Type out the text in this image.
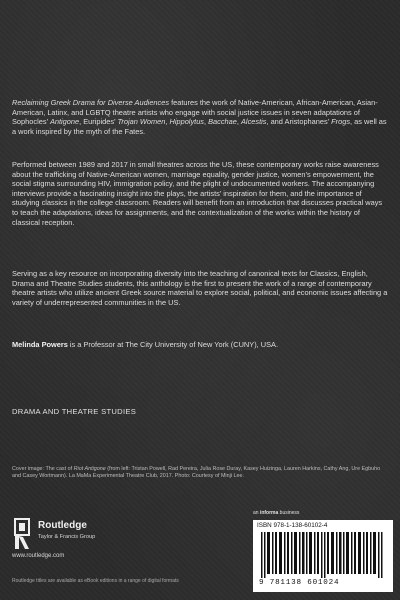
Reclaiming Greek Drama for Diverse Audiences features the work of Native-American, African-American, Asian-American, Latinx, and LGBTQ theatre artists who engage with social justice issues in seven adaptations of Sophocles’ Antigone, Euripides’ Trojan Women, Hippolytus, Bacchae, Alcestis, and Aristophanes’ Frogs, as well as a work inspired by the myth of the Fates.

Performed between 1989 and 2017 in small theatres across the US, these contemporary works raise awareness about the trafficking of Native-American women, marriage equality, gender justice, women’s empowerment, the social stigma surrounding HIV, immigration policy, and the plight of undocumented workers. The accompanying interviews provide a fascinating insight into the plays, the artists’ inspiration for them, and the importance of studying classics in the college classroom. Readers will benefit from an introduction that discusses practical ways to teach the adaptations, ideas for assignments, and the contextualization of the works within the history of classical reception.

Serving as a key resource on incorporating diversity into the teaching of canonical texts for Classics, English, Drama and Theatre Studies students, this anthology is the first to present the work of a range of contemporary theatre artists who utilize ancient Greek source material to explore social, political, and economic issues affecting a variety of underrepresented communities in the US.

Melinda Powers is a Professor at The City University of New York (CUNY), USA.

DRAMA AND THEATRE STUDIES
Cover image: The cast of Riot Antigone (from left: Tristan Powell, Rad Pereira, Julia Rose Duray, Kasey Huizinga, Lauren Harkins, Cathy Ang, Ure Egbuho and Casey Wortmann). La MaMa Experimental Theatre Club, 2017. Photo: Courtesy of Minji Lee.
Routledge
Taylor & Francis Group
www.routledge.com
Routledge titles are available as eBook editions in a range of digital formats
an informa business
ISBN 978-1-138-60102-4
9 781138 601024
